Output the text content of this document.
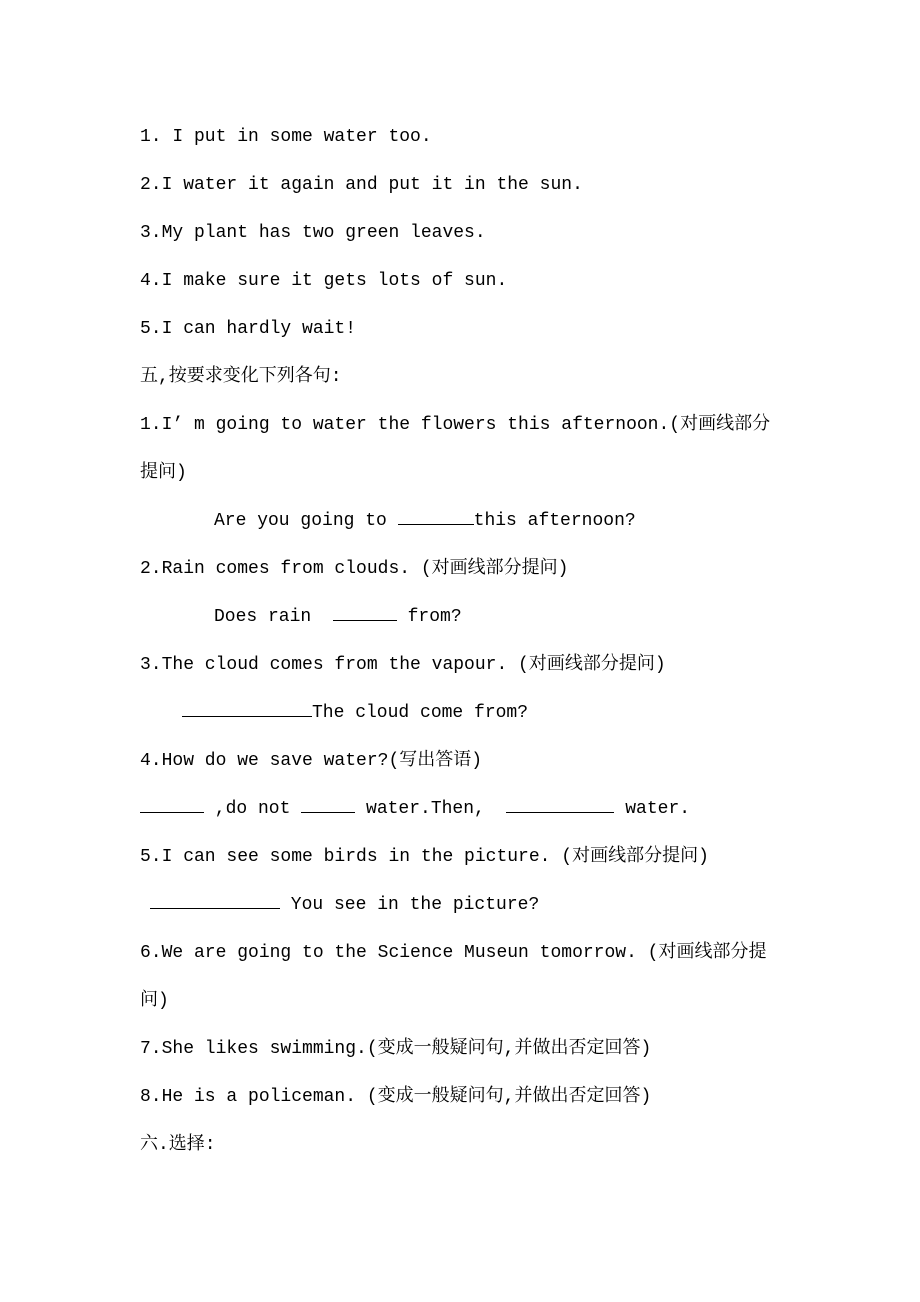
1. I put in some water too.
2.I water it again and put it in the sun.
3.My plant has two green leaves.
4.I make sure it gets lots of sun.
5.I can hardly wait!
五,按要求变化下列各句:
1.I’ m going to water the flowers this afternoon.(对画线部分
提问)
Are you going to	this afternoon?
2.Rain comes from clouds. (对画线部分提问)
Does rain	from?
3.The cloud comes from the vapour. (对画线部分提问)
The cloud come from?
4.How do we save water?(写出答语)
,do not	water.Then,	water.
5.I can see some birds in the picture. (对画线部分提问)
You see in the picture?
6.We are going to the Science Museun tomorrow. (对画线部分提
问)
7.She likes swimming.(变成一般疑问句,并做出否定回答)
8.He is a policeman. (变成一般疑问句,并做出否定回答)
六.选择:
